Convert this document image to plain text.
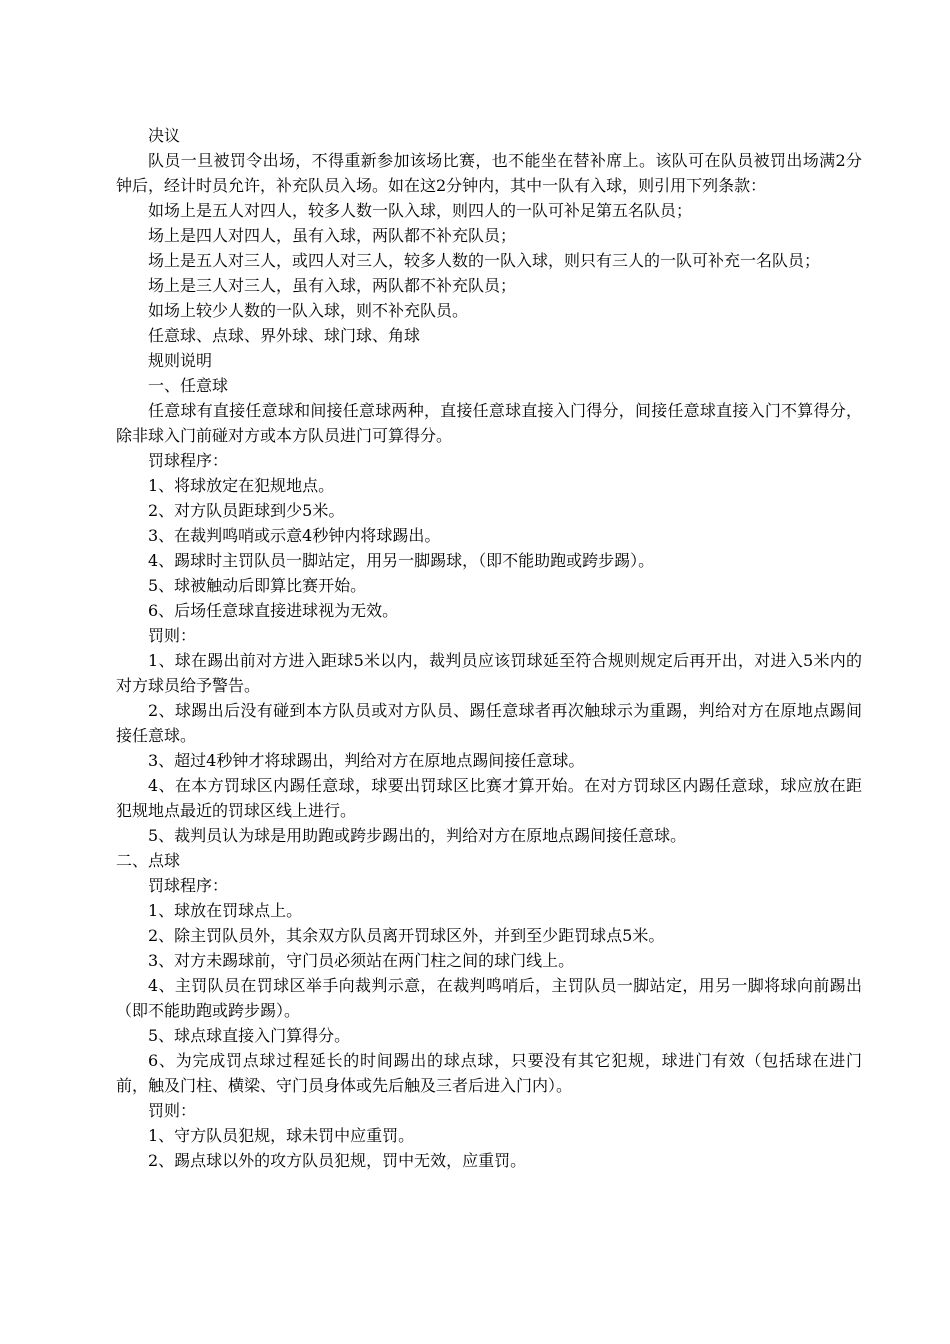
决议

队员一旦被罚令出场，不得重新参加该场比赛，也不能坐在替补席上。该队可在队员被罚出场满2分钟后，经计时员允许，补充队员入场。如在这2分钟内，其中一队有入球，则引用下列条款：

如场上是五人对四人，较多人数一队入球，则四人的一队可补足第五名队员；

场上是四人对四人，虽有入球，两队都不补充队员；

场上是五人对三人，或四人对三人，较多人数的一队入球，则只有三人的一队可补充一名队员；

场上是三人对三人，虽有入球，两队都不补充队员；

如场上较少人数的一队入球，则不补充队员。

任意球、点球、界外球、球门球、角球

规则说明

一、任意球

任意球有直接任意球和间接任意球两种，直接任意球直接入门得分，间接任意球直接入门不算得分，除非球入门前碰对方或本方队员进门可算得分。

罚球程序：

1、将球放定在犯规地点。

2、对方队员距球到少5米。

3、在裁判鸣哨或示意4秒钟内将球踢出。

4、踢球时主罚队员一脚站定，用另一脚踢球，（即不能助跑或跨步踢）。

5、球被触动后即算比赛开始。

6、后场任意球直接进球视为无效。

罚则：

1、球在踢出前对方进入距球5米以内，裁判员应该罚球延至符合规则规定后再开出，对进入5米内的对方球员给予警告。

2、球踢出后没有碰到本方队员或对方队员、踢任意球者再次触球示为重踢，判给对方在原地点踢间接任意球。

3、超过4秒钟才将球踢出，判给对方在原地点踢间接任意球。

4、在本方罚球区内踢任意球，球要出罚球区比赛才算开始。在对方罚球区内踢任意球，球应放在距犯规地点最近的罚球区线上进行。

5、裁判员认为球是用助跑或跨步踢出的，判给对方在原地点踢间接任意球。

二、点球

罚球程序：

1、球放在罚球点上。

2、除主罚队员外，其余双方队员离开罚球区外，并到至少距罚球点5米。

3、对方未踢球前，守门员必须站在两门柱之间的球门线上。

4、主罚队员在罚球区举手向裁判示意，在裁判鸣哨后，主罚队员一脚站定，用另一脚将球向前踢出（即不能助跑或跨步踢）。

5、球点球直接入门算得分。

6、为完成罚点球过程延长的时间踢出的球点球，只要没有其它犯规，球进门有效（包括球在进门前，触及门柱、横梁、守门员身体或先后触及三者后进入门内）。

罚则：

1、守方队员犯规，球未罚中应重罚。

2、踢点球以外的攻方队员犯规，罚中无效，应重罚。
